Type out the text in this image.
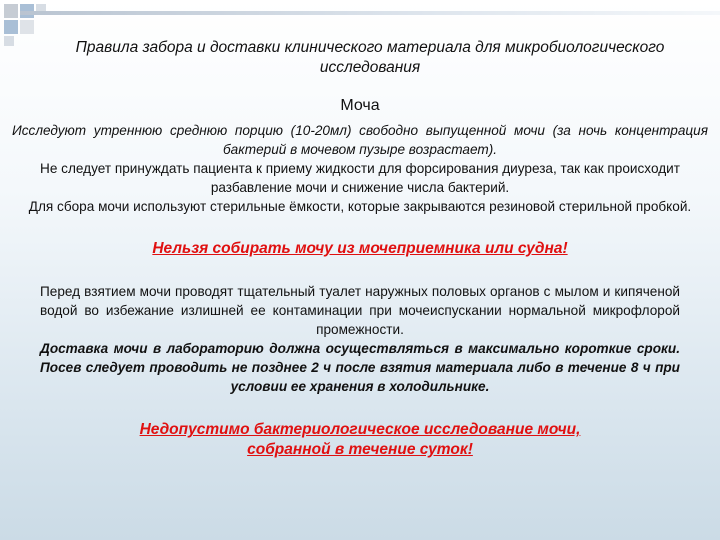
Правила забора и доставки клинического материала для микробиологического исследования
Моча

Исследуют утреннюю среднюю порцию (10-20мл) свободно выпущенной мочи (за ночь концентрация бактерий в мочевом пузыре возрастает).

Не следует принуждать пациента к приему жидкости для форсирования диуреза, так как происходит разбавление мочи и снижение числа бактерий.

Для сбора мочи используют стерильные ёмкости, которые закрываются резиновой стерильной пробкой.

Нельзя собирать мочу из мочеприемника или судна!

Перед взятием мочи проводят тщательный туалет наружных половых органов с мылом и кипяченой водой во избежание излишней ее контаминации при мочеиспускании нормальной микрофлорой промежности.

Доставка мочи в лабораторию должна осуществляться в максимально короткие сроки. Посев следует проводить не позднее 2 ч после взятия материала либо в течение 8 ч при условии ее хранения в холодильнике.

Недопустимо бактериологическое исследование мочи,
собранной в течение суток!
